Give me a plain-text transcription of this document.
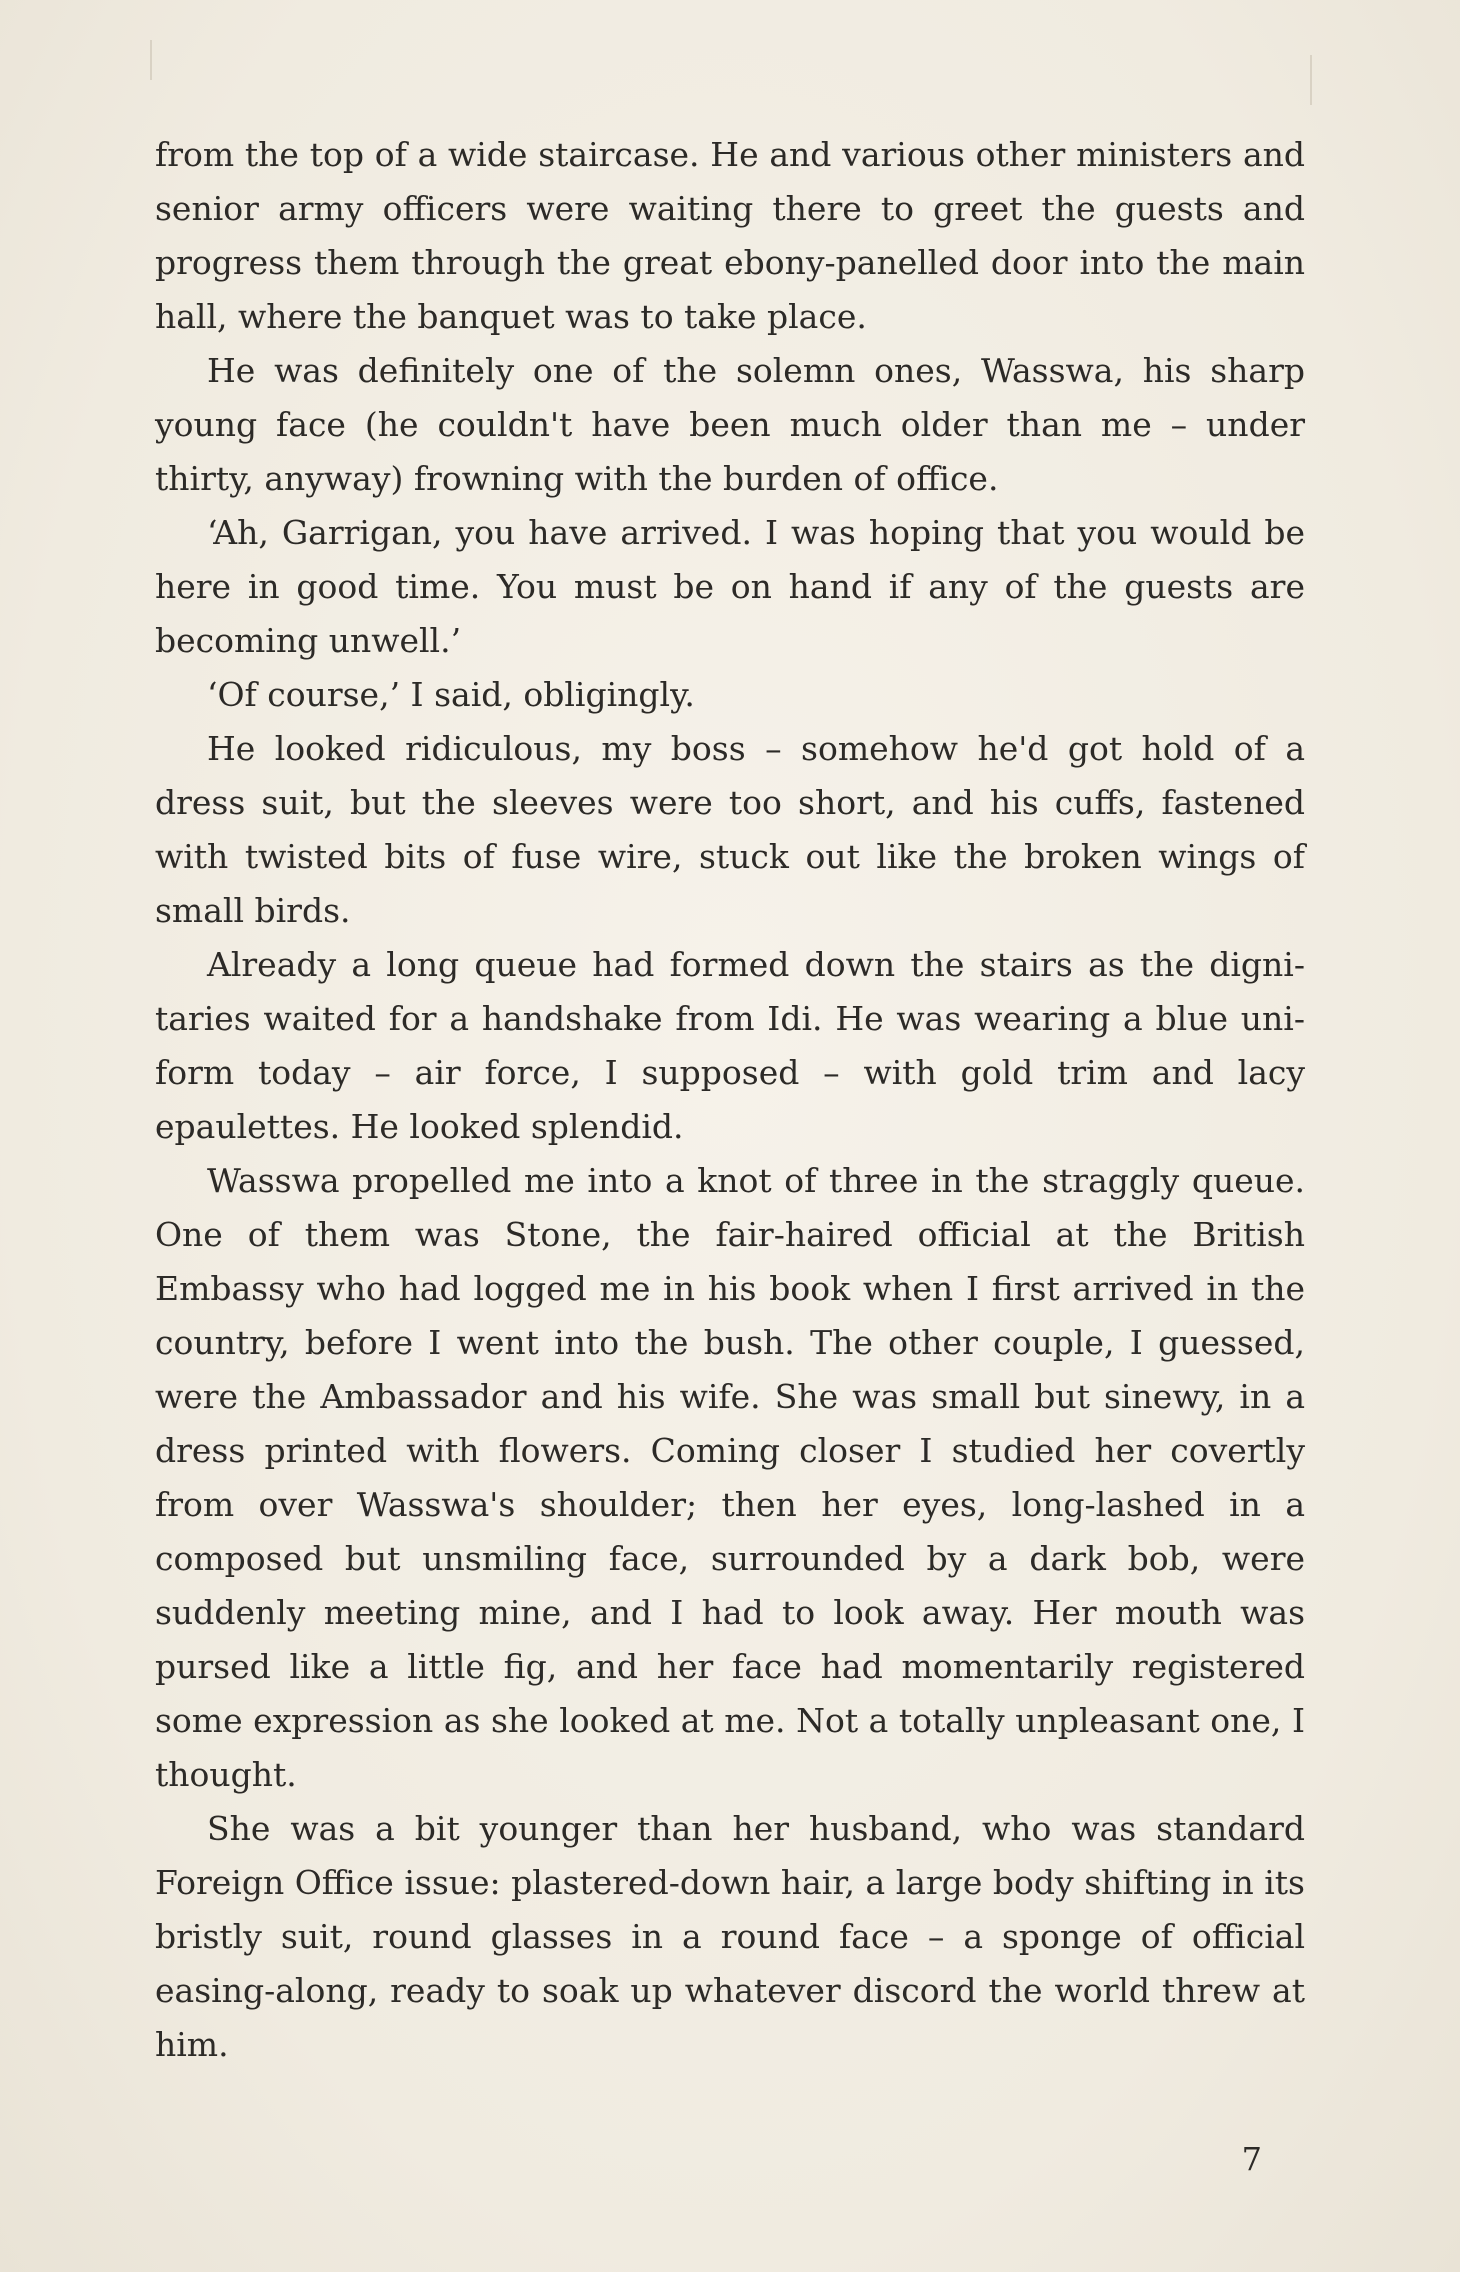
from the top of a wide staircase. He and various other ministers and senior army officers were waiting there to greet the guests and progress them through the great ebony-panelled door into the main hall, where the banquet was to take place.

He was definitely one of the solemn ones, Wasswa, his sharp young face (he couldn't have been much older than me – under thirty, anyway) frowning with the burden of office.

‘Ah, Garrigan, you have arrived. I was hoping that you would be here in good time. You must be on hand if any of the guests are becoming unwell.’

‘Of course,’ I said, obligingly.

He looked ridiculous, my boss – somehow he'd got hold of a dress suit, but the sleeves were too short, and his cuffs, fastened with twisted bits of fuse wire, stuck out like the broken wings of small birds.

Already a long queue had formed down the stairs as the dignitaries waited for a handshake from Idi. He was wearing a blue uniform today – air force, I supposed – with gold trim and lacy epaulettes. He looked splendid.

Wasswa propelled me into a knot of three in the straggly queue. One of them was Stone, the fair-haired official at the British Embassy who had logged me in his book when I first arrived in the country, before I went into the bush. The other couple, I guessed, were the Ambassador and his wife. She was small but sinewy, in a dress printed with flowers. Coming closer I studied her covertly from over Wasswa's shoulder; then her eyes, long-lashed in a composed but unsmiling face, surrounded by a dark bob, were suddenly meeting mine, and I had to look away. Her mouth was pursed like a little fig, and her face had momentarily registered some expression as she looked at me. Not a totally unpleasant one, I thought.

She was a bit younger than her husband, who was standard Foreign Office issue: plastered-down hair, a large body shifting in its bristly suit, round glasses in a round face – a sponge of official easing-along, ready to soak up whatever discord the world threw at him.

7
